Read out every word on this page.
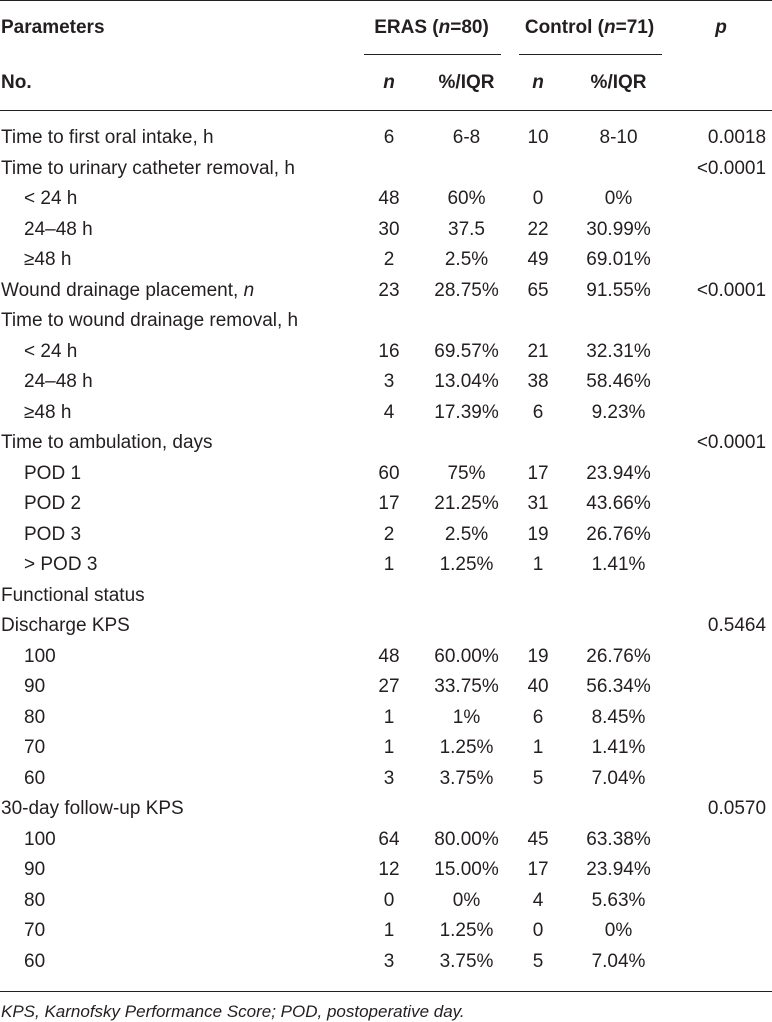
Parameters	ERAS (n=80)		Control (n=71)		p
No.	n	%/IQR	n	%/IQR	

Time to first oral intake, h	6	6-8	10	8-10	0.0018
Time to urinary catheter removal, h					<0.0001
< 24 h	48	60%	0	0%	
24–48 h	30	37.5	22	30.99%	
≥48 h	2	2.5%	49	69.01%	
Wound drainage placement, n	23	28.75%	65	91.55%	<0.0001
Time to wound drainage removal, h					
< 24 h	16	69.57%	21	32.31%	
24–48 h	3	13.04%	38	58.46%	
≥48 h	4	17.39%	6	9.23%	
Time to ambulation, days					<0.0001
POD 1	60	75%	17	23.94%	
POD 2	17	21.25%	31	43.66%	
POD 3	2	2.5%	19	26.76%	
> POD 3	1	1.25%	1	1.41%	
Functional status					
Discharge KPS					0.5464
100	48	60.00%	19	26.76%	
90	27	33.75%	40	56.34%	
80	1	1%	6	8.45%	
70	1	1.25%	1	1.41%	
60	3	3.75%	5	7.04%	
30-day follow-up KPS					0.0570
100	64	80.00%	45	63.38%	
90	12	15.00%	17	23.94%	
80	0	0%	4	5.63%	
70	1	1.25%	0	0%	
60	3	3.75%	5	7.04%	
KPS, Karnofsky Performance Score; POD, postoperative day.
